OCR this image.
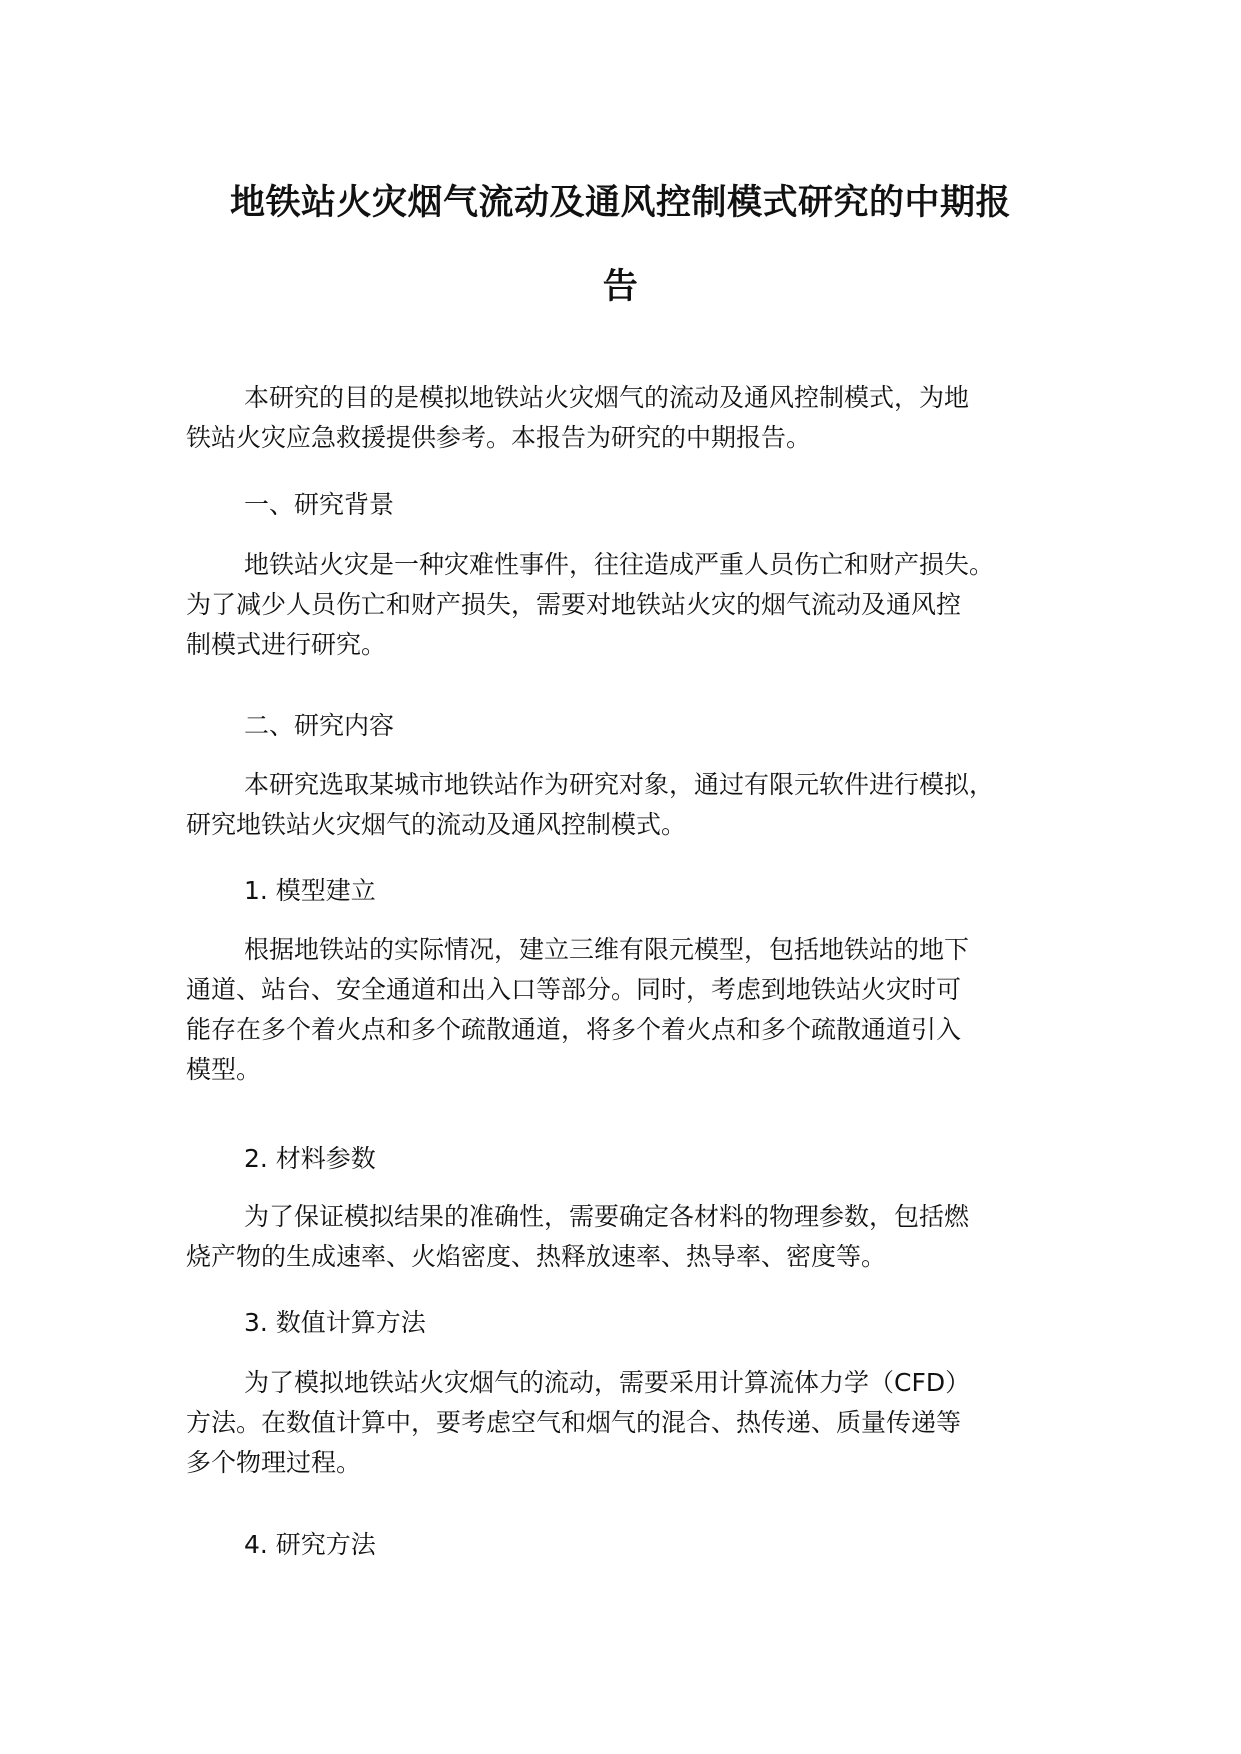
地铁站火灾烟气流动及通风控制模式研究的中期报
告
本研究的目的是模拟地铁站火灾烟气的流动及通风控制模式，为地
铁站火灾应急救援提供参考。本报告为研究的中期报告。
一、研究背景
地铁站火灾是一种灾难性事件，往往造成严重人员伤亡和财产损失。
为了减少人员伤亡和财产损失，需要对地铁站火灾的烟气流动及通风控
制模式进行研究。
二、研究内容
本研究选取某城市地铁站作为研究对象，通过有限元软件进行模拟，
研究地铁站火灾烟气的流动及通风控制模式。
1. 模型建立
根据地铁站的实际情况，建立三维有限元模型，包括地铁站的地下
通道、站台、安全通道和出入口等部分。同时，考虑到地铁站火灾时可
能存在多个着火点和多个疏散通道，将多个着火点和多个疏散通道引入
模型。
2. 材料参数
为了保证模拟结果的准确性，需要确定各材料的物理参数，包括燃
烧产物的生成速率、火焰密度、热释放速率、热导率、密度等。
3. 数值计算方法
为了模拟地铁站火灾烟气的流动，需要采用计算流体力学（CFD）
方法。在数值计算中，要考虑空气和烟气的混合、热传递、质量传递等
多个物理过程。
4. 研究方法
